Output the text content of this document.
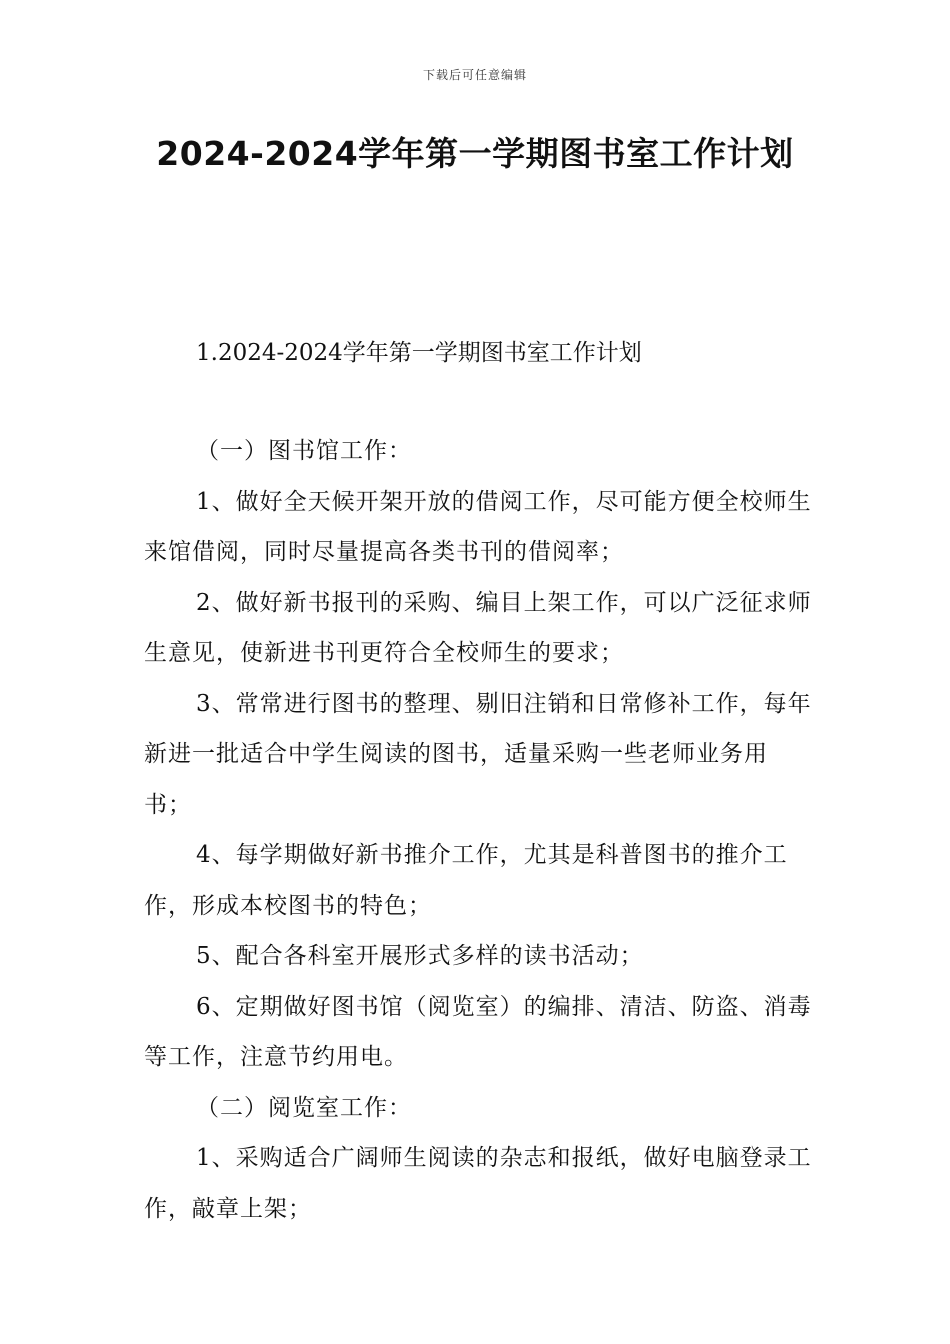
下载后可任意编辑
2024-2024学年第一学期图书室工作计划
1.2024-2024学年第一学期图书室工作计划

（一）图书馆工作：

1、做好全天候开架开放的借阅工作，尽可能方便全校师生来馆借阅，同时尽量提高各类书刊的借阅率；

2、做好新书报刊的采购、编目上架工作，可以广泛征求师生意见，使新进书刊更符合全校师生的要求；

3、常常进行图书的整理、剔旧注销和日常修补工作，每年新进一批适合中学生阅读的图书，适量采购一些老师业务用书；

4、每学期做好新书推介工作，尤其是科普图书的推介工作，形成本校图书的特色；

5、配合各科室开展形式多样的读书活动；

6、定期做好图书馆（阅览室）的编排、清洁、防盗、消毒等工作，注意节约用电。

（二）阅览室工作：

1、采购适合广阔师生阅读的杂志和报纸，做好电脑登录工作，敲章上架；
